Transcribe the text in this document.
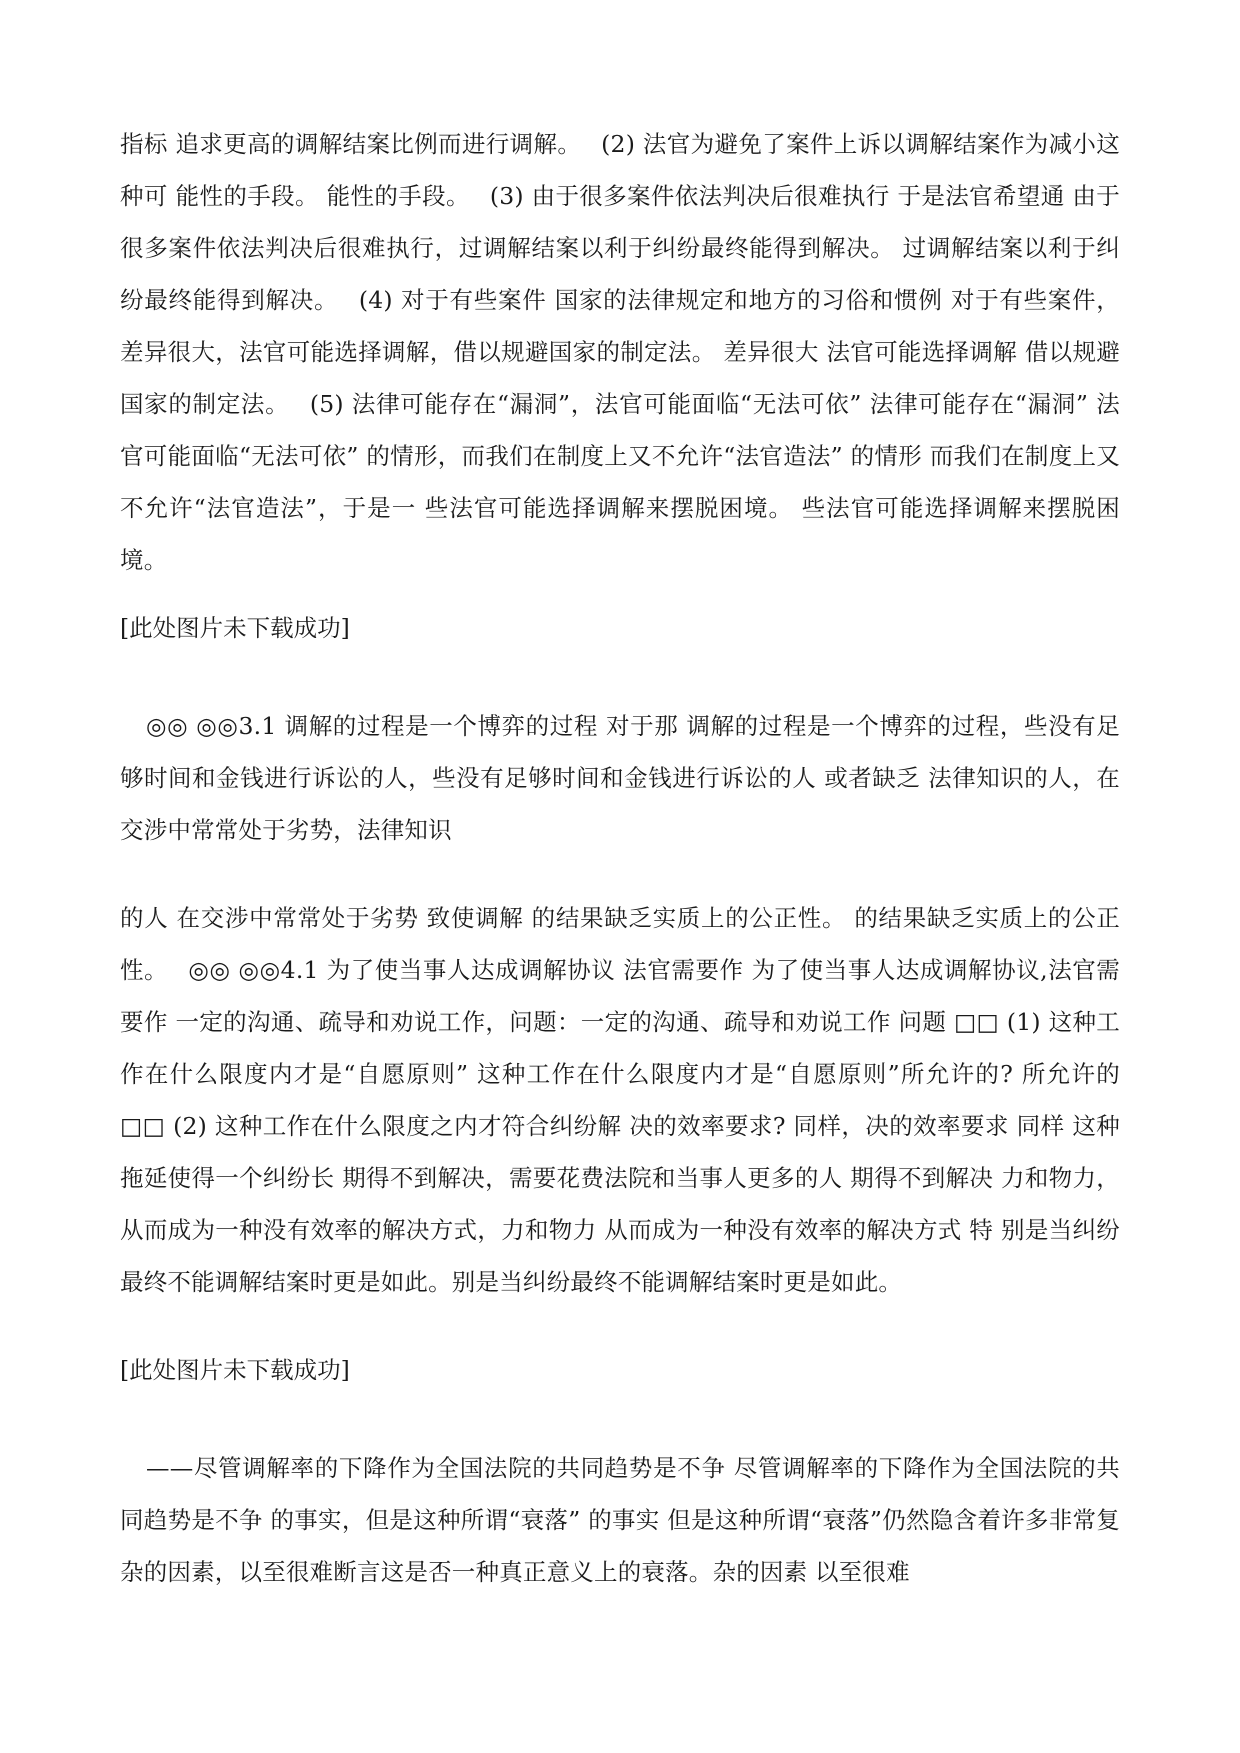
指标 追求更高的调解结案比例而进行调解。　 (2) 法官为避免了案件上诉以调解结案作为减小这种可 能性的手段。 能性的手段。　 (3) 由于很多案件依法判决后很难执行 于是法官希望通 由于很多案件依法判决后很难执行，过调解结案以利于纠纷最终能得到解决。 过调解结案以利于纠纷最终能得到解决。　 (4) 对于有些案件 国家的法律规定和地方的习俗和惯例 对于有些案件，差异很大，法官可能选择调解，借以规避国家的制定法。 差异很大 法官可能选择调解 借以规避国家的制定法。　 (5) 法律可能存在“漏洞”，法官可能面临“无法可依” 法律可能存在“漏洞” 法官可能面临“无法可依” 的情形，而我们在制度上又不允许“法官造法” 的情形 而我们在制度上又不允许“法官造法”，于是一 些法官可能选择调解来摆脱困境。 些法官可能选择调解来摆脱困境。

[此处图片未下载成功]

◎◎ ◎◎3.1 调解的过程是一个博弈的过程 对于那 调解的过程是一个博弈的过程，些没有足够时间和金钱进行诉讼的人，些没有足够时间和金钱进行诉讼的人 或者缺乏 法律知识的人，在交涉中常常处于劣势，法律知识

的人 在交涉中常常处于劣势 致使调解 的结果缺乏实质上的公正性。 的结果缺乏实质上的公正性。　 ◎◎ ◎◎4.1 为了使当事人达成调解协议 法官需要作 为了使当事人达成调解协议,法官需要作 一定的沟通、疏导和劝说工作，问题：一定的沟通、疏导和劝说工作 问题 □□ (1) 这种工作在什么限度内才是“自愿原则” 这种工作在什么限度内才是“自愿原则”所允许的? 所允许的　 □□ (2) 这种工作在什么限度之内才符合纠纷解 决的效率要求? 同样，决的效率要求 同样 这种拖延使得一个纠纷长 期得不到解决，需要花费法院和当事人更多的人 期得不到解决 力和物力，从而成为一种没有效率的解决方式，力和物力 从而成为一种没有效率的解决方式 特 别是当纠纷最终不能调解结案时更是如此。别是当纠纷最终不能调解结案时更是如此。

[此处图片未下载成功]

——尽管调解率的下降作为全国法院的共同趋势是不争 尽管调解率的下降作为全国法院的共同趋势是不争 的事实，但是这种所谓“衰落” 的事实 但是这种所谓“衰落”仍然隐含着许多非常复 杂的因素，以至很难断言这是否一种真正意义上的衰落。杂的因素 以至很难
